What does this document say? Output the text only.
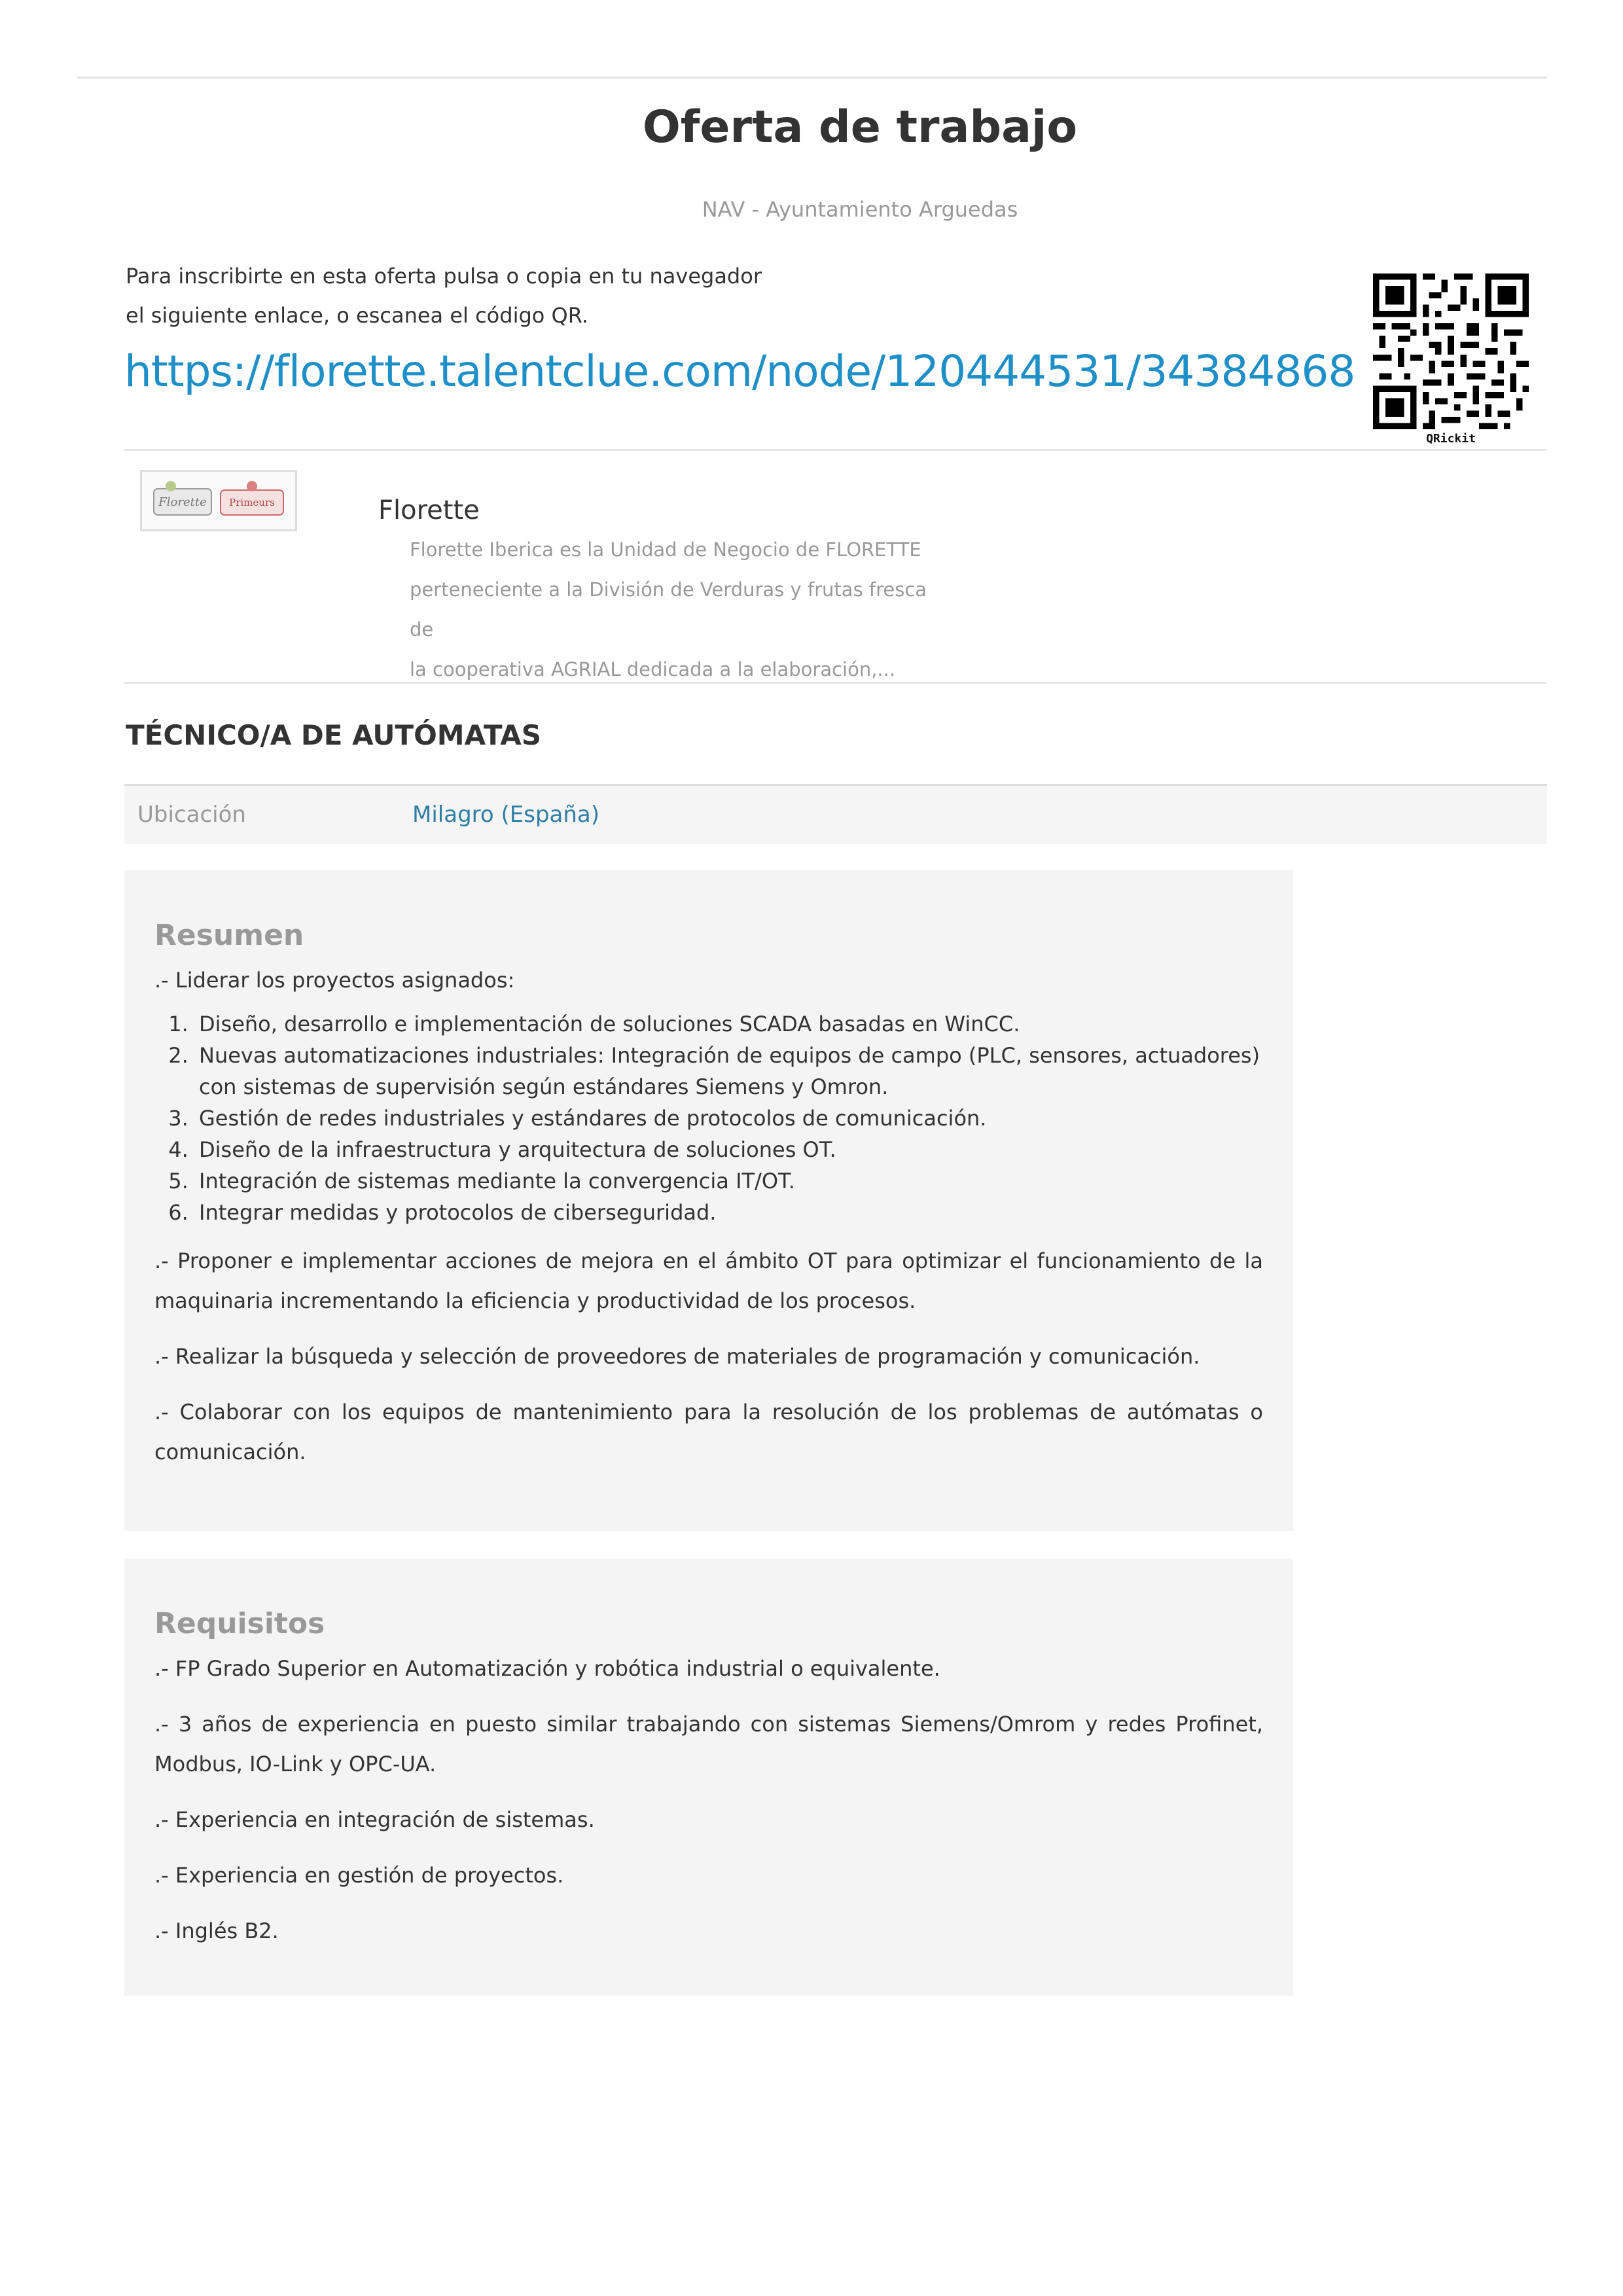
Oferta de trabajo
NAV - Ayuntamiento Arguedas
Para inscribirte en esta oferta pulsa o copia en tu navegador
el siguiente enlace, o escanea el código QR.
https://florette.talentclue.com/node/120444531/34384868
QRickit
Florette Primeurs	Florette
Florette Iberica es la Unidad de Negocio de FLORETTE
perteneciente a la División de Verduras y frutas fresca de
la cooperativa AGRIAL dedicada a la elaboración,...
TÉCNICO/A DE AUTÓMATAS
Ubicación	Milagro (España)
Resumen

.- Liderar los proyectos asignados:

1. Diseño, desarrollo e implementación de soluciones SCADA basadas en WinCC.
2. Nuevas automatizaciones industriales: Integración de equipos de campo (PLC, sensores, actuadores) con sistemas de supervisión según estándares Siemens y Omron.
3. Gestión de redes industriales y estándares de protocolos de comunicación.
4. Diseño de la infraestructura y arquitectura de soluciones OT.
5. Integración de sistemas mediante la convergencia IT/OT.
6. Integrar medidas y protocolos de ciberseguridad.

.- Proponer e implementar acciones de mejora en el ámbito OT para optimizar el funcionamiento de la maquinaria incrementando la eficiencia y productividad de los procesos.

.- Realizar la búsqueda y selección de proveedores de materiales de programación y comunicación.

.- Colaborar con los equipos de mantenimiento para la resolución de los problemas de autómatas o comunicación.

Requisitos

.- FP Grado Superior en Automatización y robótica industrial o equivalente.

.- 3 años de experiencia en puesto similar trabajando con sistemas Siemens/Omrom y redes Profinet, Modbus, IO-Link y OPC-UA.

.- Experiencia en integración de sistemas.

.- Experiencia en gestión de proyectos.

.- Inglés B2.
